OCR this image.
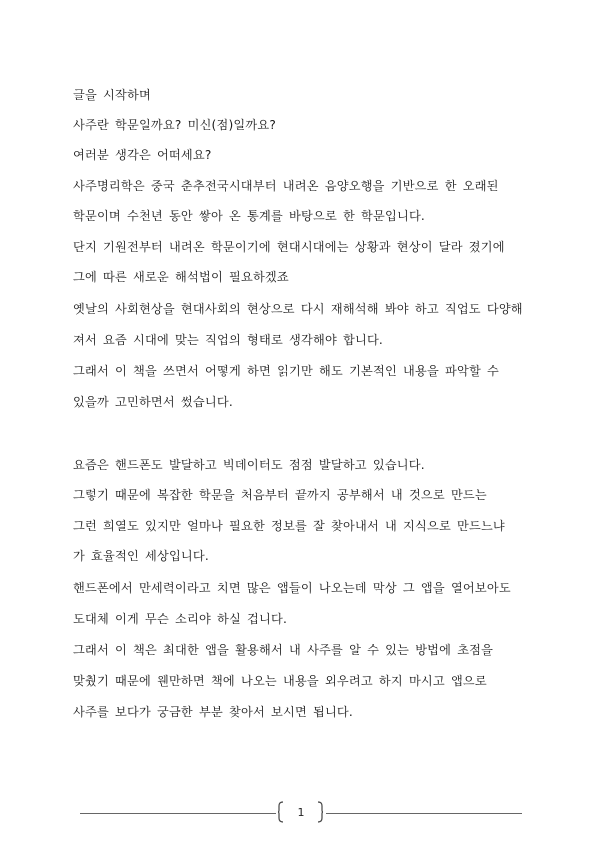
글을 시작하며
사주란 학문일까요? 미신(점)일까요?
여러분 생각은 어떠세요?
사주명리학은 중국 춘추전국시대부터 내려온 음양오행을 기반으로 한 오래된
학문이며 수천년 동안 쌓아 온 통계를 바탕으로 한 학문입니다.
단지 기원전부터 내려온 학문이기에 현대시대에는 상황과 현상이 달라 졌기에
그에 따른 새로운 해석법이 필요하겠죠
옛날의 사회현상을 현대사회의 현상으로 다시 재해석해 봐야 하고 직업도 다양해
져서 요즘 시대에 맞는 직업의 형태로 생각해야 합니다.
그래서 이 책을 쓰면서 어떻게 하면 읽기만 해도 기본적인 내용을 파악할 수
있을까 고민하면서 썼습니다.
요즘은 핸드폰도 발달하고 빅데이터도 점점 발달하고 있습니다.
그렇기 때문에 복잡한 학문을 처음부터 끝까지 공부해서 내 것으로 만드는
그런 희열도 있지만 얼마나 필요한 정보를 잘 찾아내서 내 지식으로 만드느냐
가 효율적인 세상입니다.
핸드폰에서 만세력이라고 치면 많은 앱들이 나오는데 막상 그 앱을 열어보아도
도대체 이게 무슨 소리야 하실 겁니다.
그래서 이 책은 최대한 앱을 활용해서 내 사주를 알 수 있는 방법에 초점을
맞췄기 때문에 웬만하면 책에 나오는 내용을 외우려고 하지 마시고 앱으로
사주를 보다가 궁금한 부분 찾아서 보시면 됩니다.
1
